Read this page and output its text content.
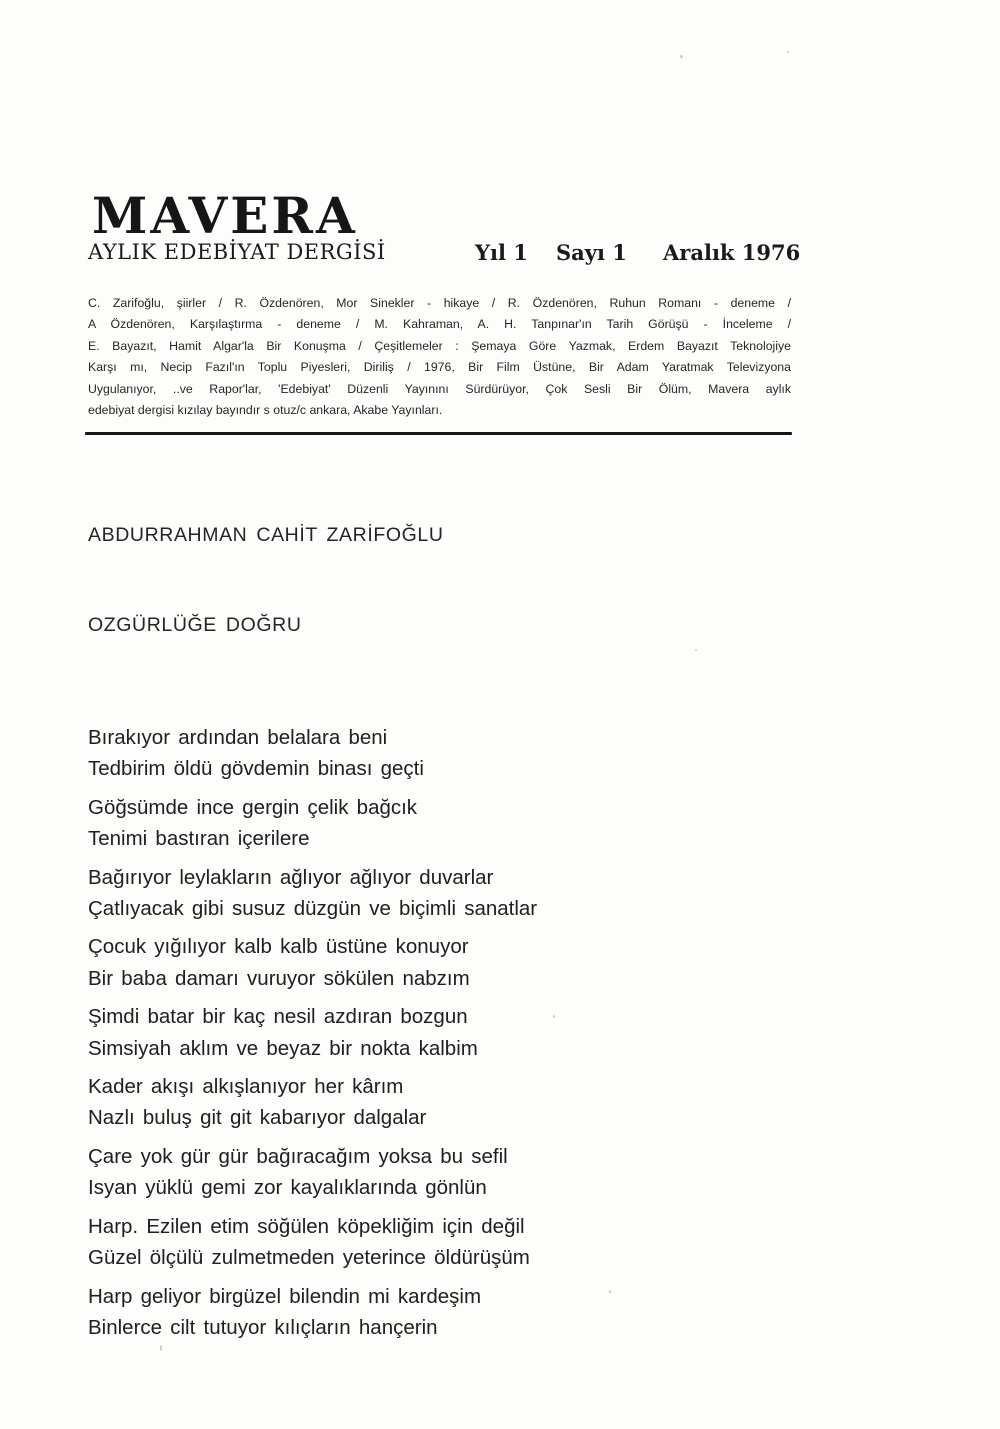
MAVERA
AYLIK EDEBİYAT DERGİSİ	Yıl 1 Sayı 1 Aralık 1976
C. Zarifoğlu, şiirler / R. Özdenören, Mor Sinekler - hikaye / R. Özdenören, Ruhun Romanı - deneme /
A Özdenören, Karşılaştırma - deneme / M. Kahraman, A. H. Tanpınar'ın Tarih Görüşü - İnceleme /
E. Bayazıt, Hamit Algar'la Bir Konuşma / Çeşitlemeler : Şemaya Göre Yazmak, Erdem Bayazıt Teknolojiye
Karşı mı, Necip Fazıl'ın Toplu Piyesleri, Diriliş / 1976, Bir Film Üstüne, Bir Adam Yaratmak Televizyona
Uygulanıyor, ..ve Rapor'lar, 'Edebiyat' Düzenli Yayınını Sürdürüyor, Çok Sesli Bir Ölüm, Mavera aylık
edebiyat dergisi kızılay bayındır s otuz/c ankara, Akabe Yayınları.
ABDURRAHMAN CAHİT ZARİFOĞLU
OZGÜRLÜĞE DOĞRU

Bırakıyor ardından belalara beni

Tedbirim öldü gövdemin binası geçti

Göğsümde ince gergin çelik bağcık

Tenimi bastıran içerilere

Bağırıyor leylakların ağlıyor ağlıyor duvarlar

Çatlıyacak gibi susuz düzgün ve biçimli sanatlar

Çocuk yığılıyor kalb kalb üstüne konuyor

Bir baba damarı vuruyor sökülen nabzım

Şimdi batar bir kaç nesil azdıran bozgun

Simsiyah aklım ve beyaz bir nokta kalbim

Kader akışı alkışlanıyor her kârım

Nazlı buluş git git kabarıyor dalgalar

Çare yok gür gür bağıracağım yoksa bu sefil

Isyan yüklü gemi zor kayalıklarında gönlün

Harp. Ezilen etim söğülen köpekliğim için değil

Güzel ölçülü zulmetmeden yeterince öldürüşüm

Harp geliyor birgüzel bilendin mi kardeşim

Binlerce cilt tutuyor kılıçların hançerin
